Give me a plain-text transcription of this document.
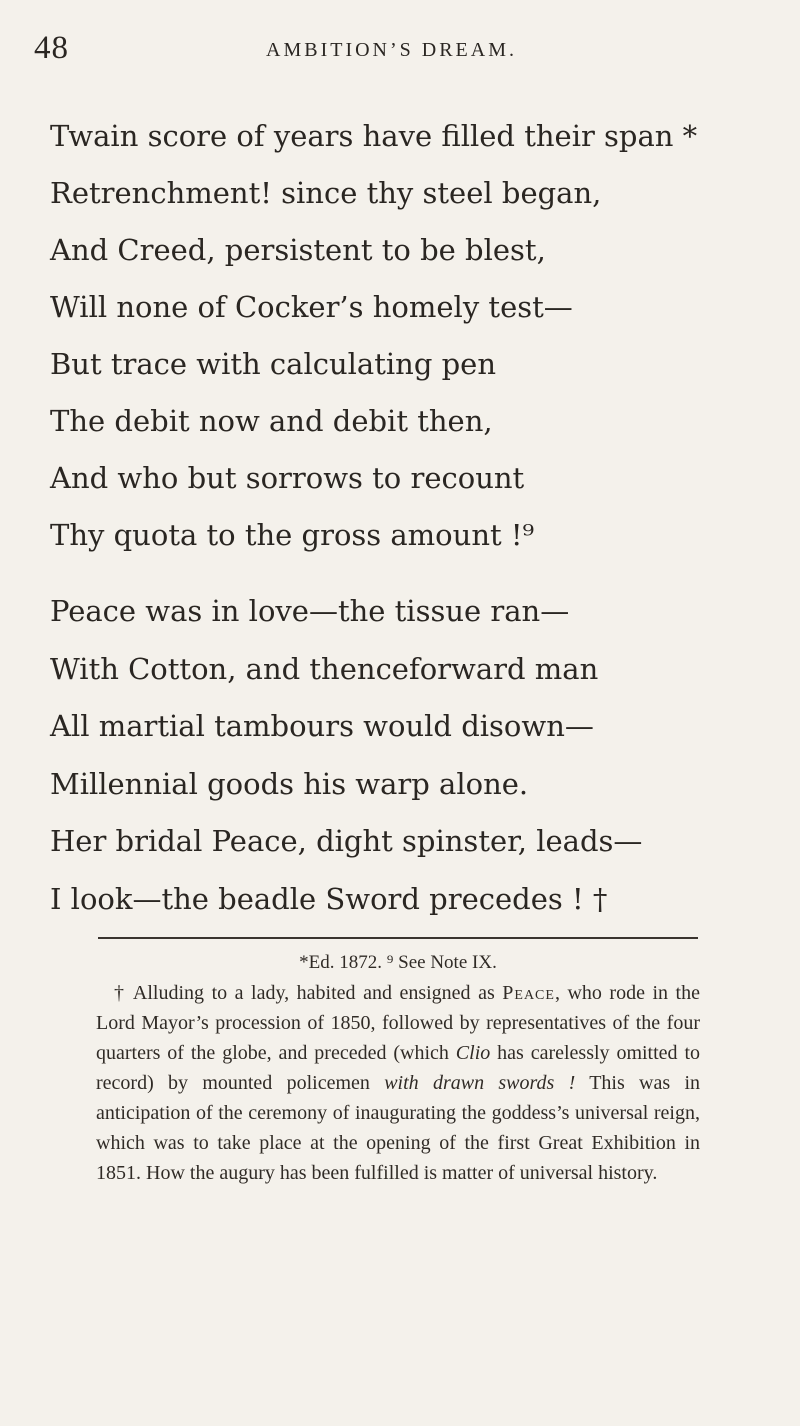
48	AMBITION’S DREAM.
Twain score of years have filled their span *
Retrenchment! since thy steel began,
And Creed, persistent to be blest,
Will none of Cocker’s homely test—
But trace with calculating pen
The debit now and debit then,
And who but sorrows to recount
Thy quota to the gross amount !⁹
Peace was in love—the tissue ran—
With Cotton, and thenceforward man
All martial tambours would disown—
Millennial goods his warp alone.
Her bridal Peace, dight spinster, leads—
I look—the beadle Sword precedes ! †
*Ed. 1872. ⁹ See Note IX.
† Alluding to a lady, habited and ensigned as Peace, who rode in the Lord Mayor’s procession of 1850, followed by representatives of the four quarters of the globe, and preceded (which Clio has carelessly omitted to record) by mounted policemen with drawn swords ! This was in anticipation of the ceremony of inaugurating the goddess’s universal reign, which was to take place at the opening of the first Great Exhibition in 1851. How the augury has been fulfilled is matter of universal history.
